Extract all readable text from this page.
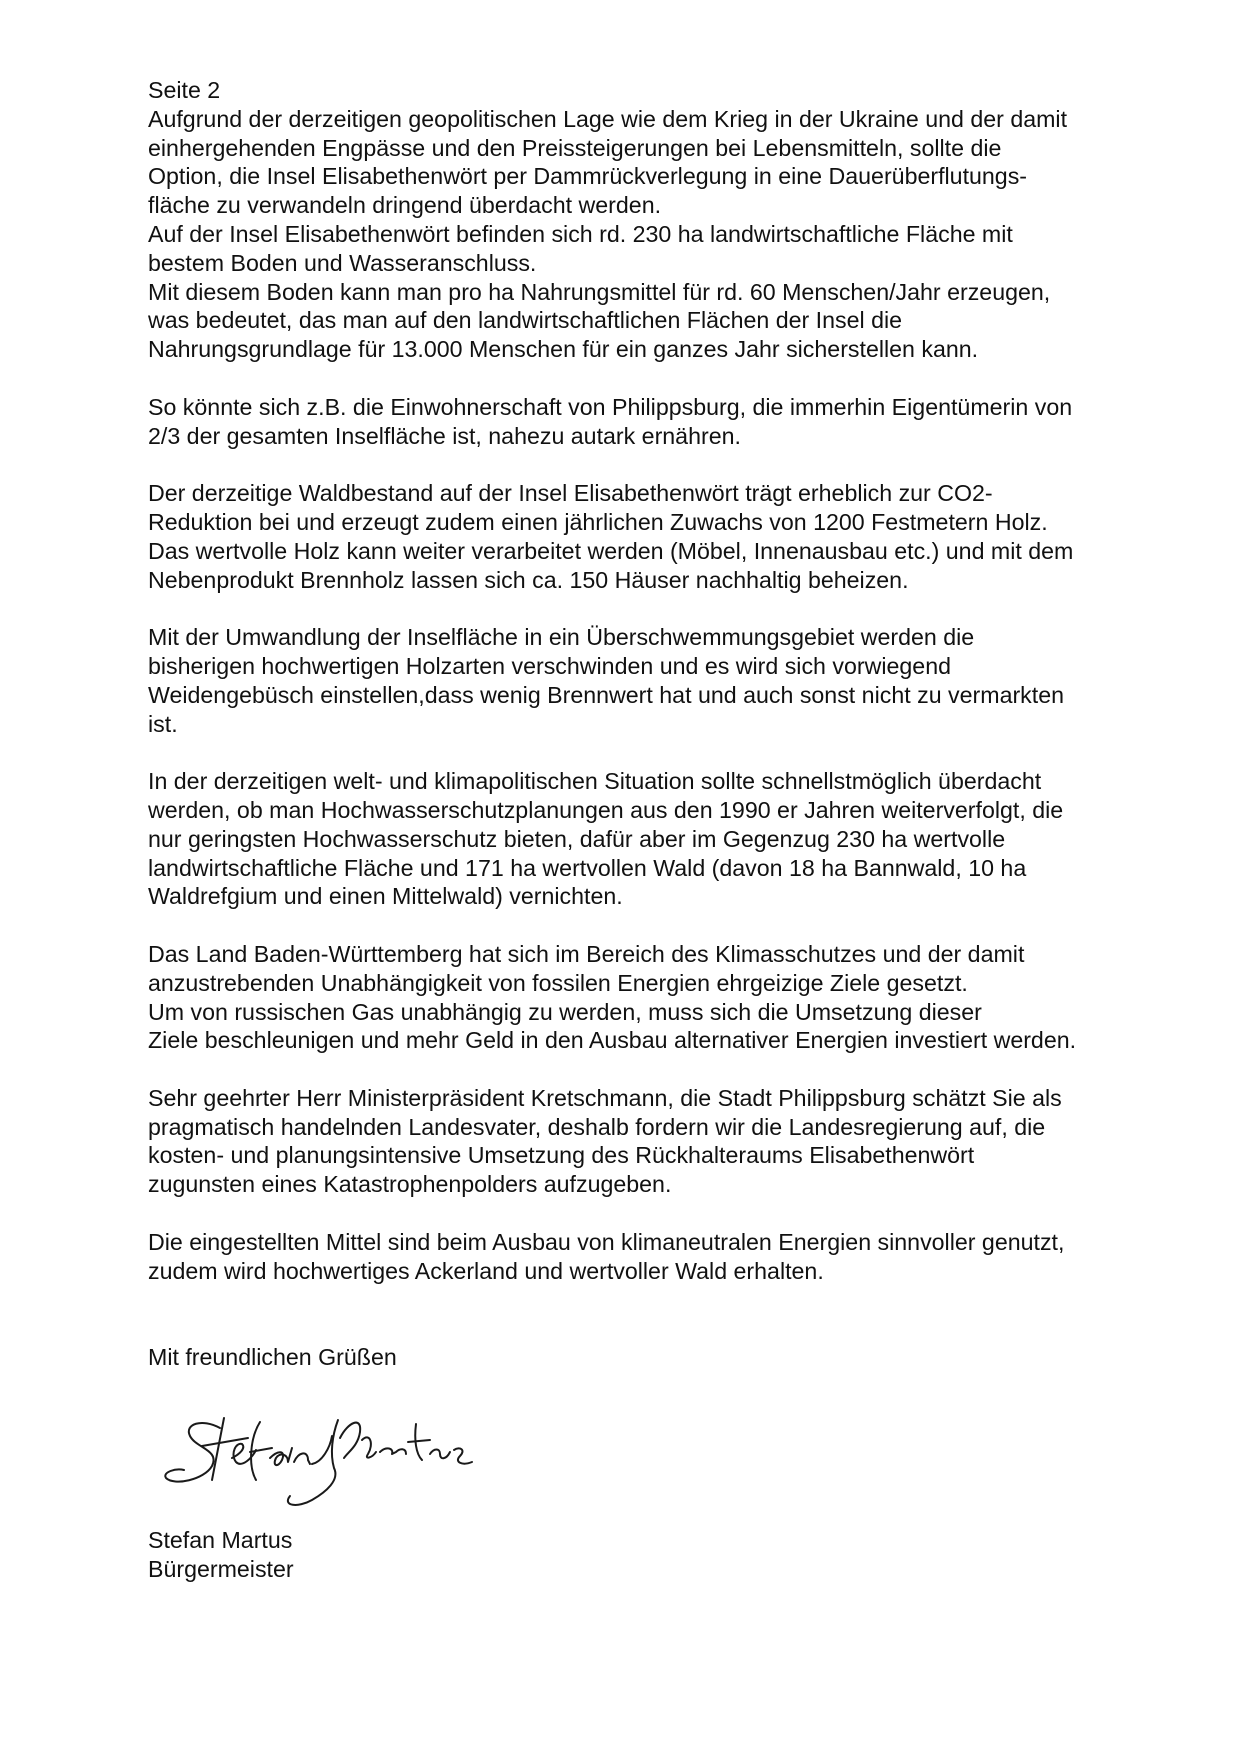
Seite 2

Aufgrund der derzeitigen geopolitischen Lage wie dem Krieg in der Ukraine und der damit

einhergehenden Engpässe und den Preissteigerungen bei Lebensmitteln, sollte die

Option, die Insel Elisabethenwört per Dammrückverlegung in eine Dauerüberflutungs-

fläche zu verwandeln dringend überdacht werden.

Auf der Insel Elisabethenwört befinden sich rd. 230 ha landwirtschaftliche Fläche mit

bestem Boden und Wasseranschluss.

Mit diesem Boden kann man pro ha Nahrungsmittel für rd. 60 Menschen/Jahr erzeugen,

was bedeutet, das man auf den landwirtschaftlichen Flächen der Insel die

Nahrungsgrundlage für 13.000 Menschen für ein ganzes Jahr sicherstellen kann.

So könnte sich z.B. die Einwohnerschaft von Philippsburg, die immerhin Eigentümerin von

2/3 der gesamten Inselfläche ist, nahezu autark ernähren.

Der derzeitige Waldbestand auf der Insel Elisabethenwört trägt erheblich zur CO2-

Reduktion bei und erzeugt zudem einen jährlichen Zuwachs von 1200 Festmetern Holz.

Das wertvolle Holz kann weiter verarbeitet werden (Möbel, Innenausbau etc.) und mit dem

Nebenprodukt Brennholz lassen sich ca. 150 Häuser nachhaltig beheizen.

Mit der Umwandlung der Inselfläche in ein Überschwemmungsgebiet werden die

bisherigen hochwertigen Holzarten verschwinden und es wird sich vorwiegend

Weidengebüsch einstellen,dass wenig Brennwert hat und auch sonst nicht zu vermarkten

ist.

In der derzeitigen welt- und klimapolitischen Situation sollte schnellstmöglich überdacht

werden, ob man Hochwasserschutzplanungen aus den 1990 er Jahren weiterverfolgt, die

nur geringsten Hochwasserschutz bieten, dafür aber im Gegenzug 230 ha wertvolle

landwirtschaftliche Fläche und 171 ha wertvollen Wald (davon 18 ha Bannwald, 10 ha

Waldrefgium und einen Mittelwald) vernichten.

Das Land Baden-Württemberg hat sich im Bereich des Klimasschutzes und der damit

anzustrebenden Unabhängigkeit von fossilen Energien ehrgeizige Ziele gesetzt.

Um von russischen Gas unabhängig zu werden, muss sich die Umsetzung dieser

Ziele beschleunigen und mehr Geld in den Ausbau alternativer Energien investiert werden.

Sehr geehrter Herr Ministerpräsident Kretschmann, die Stadt Philippsburg schätzt Sie als

pragmatisch handelnden Landesvater, deshalb fordern wir die Landesregierung auf, die

kosten- und planungsintensive Umsetzung des Rückhalteraums Elisabethenwört

zugunsten eines Katastrophenpolders aufzugeben.

Die eingestellten Mittel sind beim Ausbau von klimaneutralen Energien sinnvoller genutzt,

zudem wird hochwertiges Ackerland und wertvoller Wald erhalten.

Mit freundlichen Grüßen

Stefan Martus

Bürgermeister
